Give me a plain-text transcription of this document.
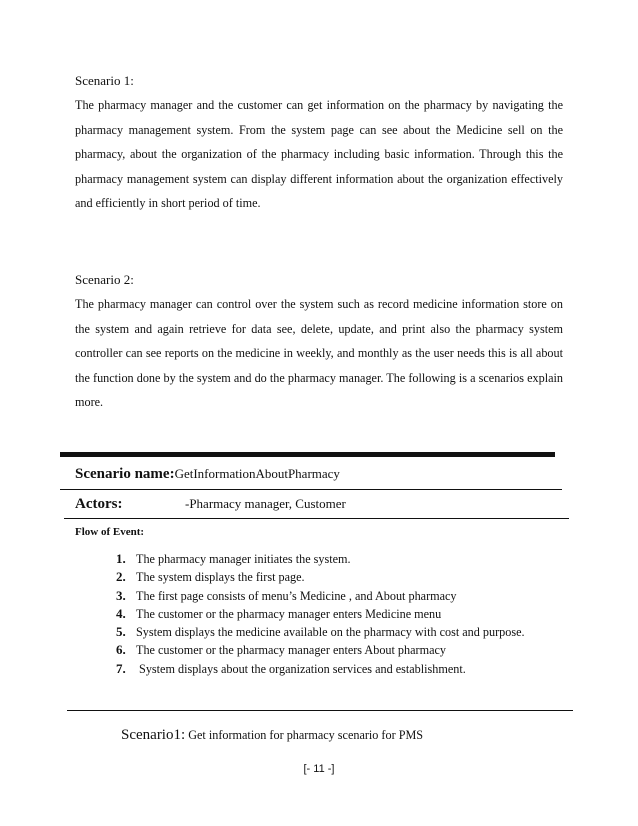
Scenario 1:

The pharmacy manager and the customer can get information on the pharmacy by navigating the pharmacy management system. From the system page can see about the Medicine sell on the pharmacy, about the organization of the pharmacy including basic information. Through this the pharmacy management system can display different information about the organization effectively and efficiently in short period of time.

Scenario 2:

The pharmacy manager can control over the system such as record medicine information store on the system and again retrieve for data see, delete, update, and print also the pharmacy system controller can see reports on the medicine in weekly, and monthly as the user needs this is all about the function done by the system and do the pharmacy manager. The following is a scenarios explain more.

Scenario name:GetInformationAboutPharmacy
Actors:	-Pharmacy manager, Customer
Flow of Event:
1. The pharmacy manager initiates the system.
2. The system displays the first page.
3. The first page consists of menu’s Medicine , and About pharmacy
4. The customer or the pharmacy manager enters Medicine menu
5. System displays the medicine available on the pharmacy with cost and purpose.
6. The customer or the pharmacy manager enters About pharmacy
7. System displays about the organization services and establishment.
Scenario1: Get information for pharmacy scenario for PMS
[- 11 -]
